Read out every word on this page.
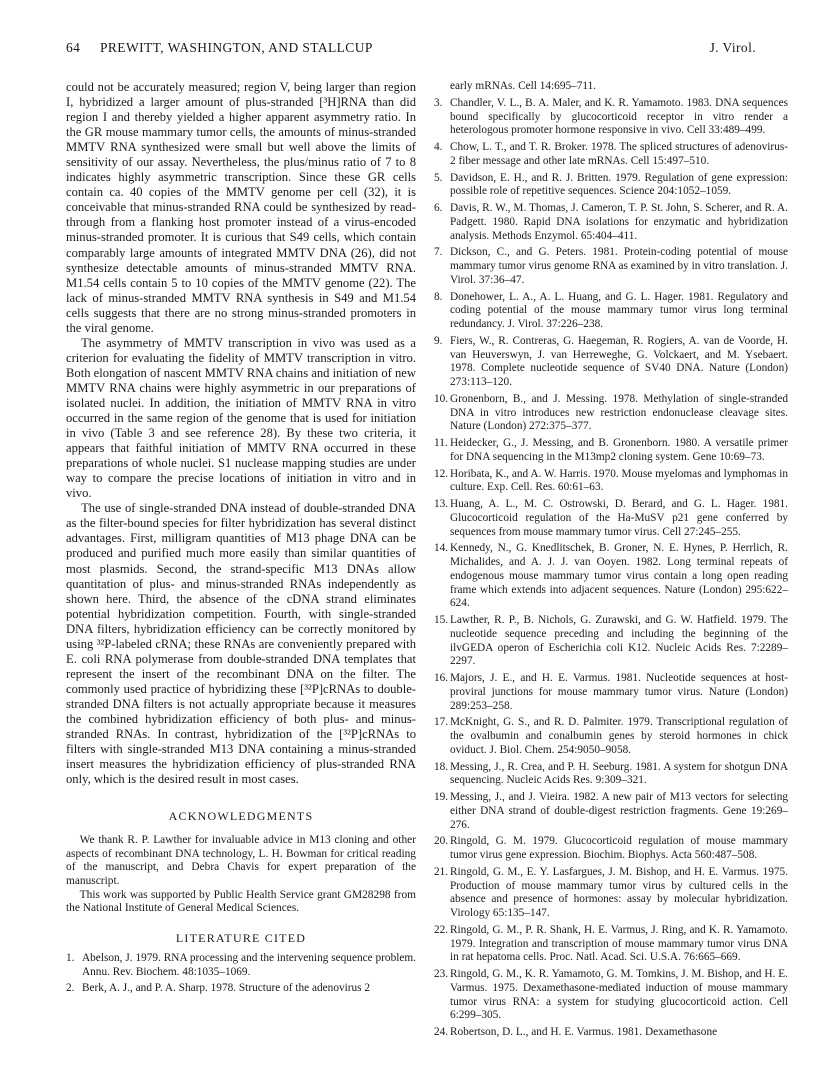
64 PREWITT, WASHINGTON, AND STALLCUP	J. Virol.

could not be accurately measured; region V, being larger than region I, hybridized a larger amount of plus-stranded [³H]RNA than did region I and thereby yielded a higher apparent asymmetry ratio. In the GR mouse mammary tumor cells, the amounts of minus-stranded MMTV RNA synthesized were small but well above the limits of sensitivity of our assay. Nevertheless, the plus/minus ratio of 7 to 8 indicates highly asymmetric transcription. Since these GR cells contain ca. 40 copies of the MMTV genome per cell (32), it is conceivable that minus-stranded RNA could be synthesized by read-through from a flanking host promoter instead of a virus-encoded minus-stranded promoter. It is curious that S49 cells, which contain comparably large amounts of integrated MMTV DNA (26), did not synthesize detectable amounts of minus-stranded MMTV RNA. M1.54 cells contain 5 to 10 copies of the MMTV genome (22). The lack of minus-stranded MMTV RNA synthesis in S49 and M1.54 cells suggests that there are no strong minus-stranded promoters in the viral genome.

The asymmetry of MMTV transcription in vivo was used as a criterion for evaluating the fidelity of MMTV transcription in vitro. Both elongation of nascent MMTV RNA chains and initiation of new MMTV RNA chains were highly asymmetric in our preparations of isolated nuclei. In addition, the initiation of MMTV RNA in vitro occurred in the same region of the genome that is used for initiation in vivo (Table 3 and see reference 28). By these two criteria, it appears that faithful initiation of MMTV RNA occurred in these preparations of whole nuclei. S1 nuclease mapping studies are under way to compare the precise locations of initiation in vitro and in vivo.

The use of single-stranded DNA instead of double-stranded DNA as the filter-bound species for filter hybridization has several distinct advantages. First, milligram quantities of M13 phage DNA can be produced and purified much more easily than similar quantities of most plasmids. Second, the strand-specific M13 DNAs allow quantitation of plus- and minus-stranded RNAs independently as shown here. Third, the absence of the cDNA strand eliminates potential hybridization competition. Fourth, with single-stranded DNA filters, hybridization efficiency can be correctly monitored by using ³²P-labeled cRNA; these RNAs are conveniently prepared with E. coli RNA polymerase from double-stranded DNA templates that represent the insert of the recombinant DNA on the filter. The commonly used practice of hybridizing these [³²P]cRNAs to double-stranded DNA filters is not actually appropriate because it measures the combined hybridization efficiency of both plus- and minus-stranded RNAs. In contrast, hybridization of the [³²P]cRNAs to filters with single-stranded M13 DNA containing a minus-stranded insert measures the hybridization efficiency of plus-stranded RNA only, which is the desired result in most cases.

ACKNOWLEDGMENTS

We thank R. P. Lawther for invaluable advice in M13 cloning and other aspects of recombinant DNA technology, L. H. Bowman for critical reading of the manuscript, and Debra Chavis for expert preparation of the manuscript.

This work was supported by Public Health Service grant GM28298 from the National Institute of General Medical Sciences.

LITERATURE CITED

1. Abelson, J. 1979. RNA processing and the intervening sequence problem. Annu. Rev. Biochem. 48:1035–1069.
2. Berk, A. J., and P. A. Sharp. 1978. Structure of the adenovirus 2

early mRNAs. Cell 14:695–711.

3. Chandler, V. L., B. A. Maler, and K. R. Yamamoto. 1983. DNA sequences bound specifically by glucocorticoid receptor in vitro render a heterologous promoter hormone responsive in vivo. Cell 33:489–499.
4. Chow, L. T., and T. R. Broker. 1978. The spliced structures of adenovirus-2 fiber message and other late mRNAs. Cell 15:497–510.
5. Davidson, E. H., and R. J. Britten. 1979. Regulation of gene expression: possible role of repetitive sequences. Science 204:1052–1059.
6. Davis, R. W., M. Thomas, J. Cameron, T. P. St. John, S. Scherer, and R. A. Padgett. 1980. Rapid DNA isolations for enzymatic and hybridization analysis. Methods Enzymol. 65:404–411.
7. Dickson, C., and G. Peters. 1981. Protein-coding potential of mouse mammary tumor virus genome RNA as examined by in vitro translation. J. Virol. 37:36–47.
8. Donehower, L. A., A. L. Huang, and G. L. Hager. 1981. Regulatory and coding potential of the mouse mammary tumor virus long terminal redundancy. J. Virol. 37:226–238.
9. Fiers, W., R. Contreras, G. Haegeman, R. Rogiers, A. van de Voorde, H. van Heuverswyn, J. van Herreweghe, G. Volckaert, and M. Ysebaert. 1978. Complete nucleotide sequence of SV40 DNA. Nature (London) 273:113–120.
10. Gronenborn, B., and J. Messing. 1978. Methylation of single-stranded DNA in vitro introduces new restriction endonuclease cleavage sites. Nature (London) 272:375–377.
11. Heidecker, G., J. Messing, and B. Gronenborn. 1980. A versatile primer for DNA sequencing in the M13mp2 cloning system. Gene 10:69–73.
12. Horibata, K., and A. W. Harris. 1970. Mouse myelomas and lymphomas in culture. Exp. Cell. Res. 60:61–63.
13. Huang, A. L., M. C. Ostrowski, D. Berard, and G. L. Hager. 1981. Glucocorticoid regulation of the Ha-MuSV p21 gene conferred by sequences from mouse mammary tumor virus. Cell 27:245–255.
14. Kennedy, N., G. Knedlitschek, B. Groner, N. E. Hynes, P. Herrlich, R. Michalides, and A. J. J. van Ooyen. 1982. Long terminal repeats of endogenous mouse mammary tumor virus contain a long open reading frame which extends into adjacent sequences. Nature (London) 295:622–624.
15. Lawther, R. P., B. Nichols, G. Zurawski, and G. W. Hatfield. 1979. The nucleotide sequence preceding and including the beginning of the ilvGEDA operon of Escherichia coli K12. Nucleic Acids Res. 7:2289–2297.
16. Majors, J. E., and H. E. Varmus. 1981. Nucleotide sequences at host-proviral junctions for mouse mammary tumor virus. Nature (London) 289:253–258.
17. McKnight, G. S., and R. D. Palmiter. 1979. Transcriptional regulation of the ovalbumin and conalbumin genes by steroid hormones in chick oviduct. J. Biol. Chem. 254:9050–9058.
18. Messing, J., R. Crea, and P. H. Seeburg. 1981. A system for shotgun DNA sequencing. Nucleic Acids Res. 9:309–321.
19. Messing, J., and J. Vieira. 1982. A new pair of M13 vectors for selecting either DNA strand of double-digest restriction fragments. Gene 19:269–276.
20. Ringold, G. M. 1979. Glucocorticoid regulation of mouse mammary tumor virus gene expression. Biochim. Biophys. Acta 560:487–508.
21. Ringold, G. M., E. Y. Lasfargues, J. M. Bishop, and H. E. Varmus. 1975. Production of mouse mammary tumor virus by cultured cells in the absence and presence of hormones: assay by molecular hybridization. Virology 65:135–147.
22. Ringold, G. M., P. R. Shank, H. E. Varmus, J. Ring, and K. R. Yamamoto. 1979. Integration and transcription of mouse mammary tumor virus DNA in rat hepatoma cells. Proc. Natl. Acad. Sci. U.S.A. 76:665–669.
23. Ringold, G. M., K. R. Yamamoto, G. M. Tomkins, J. M. Bishop, and H. E. Varmus. 1975. Dexamethasone-mediated induction of mouse mammary tumor virus RNA: a system for studying glucocorticoid action. Cell 6:299–305.
24. Robertson, D. L., and H. E. Varmus. 1981. Dexamethasone
